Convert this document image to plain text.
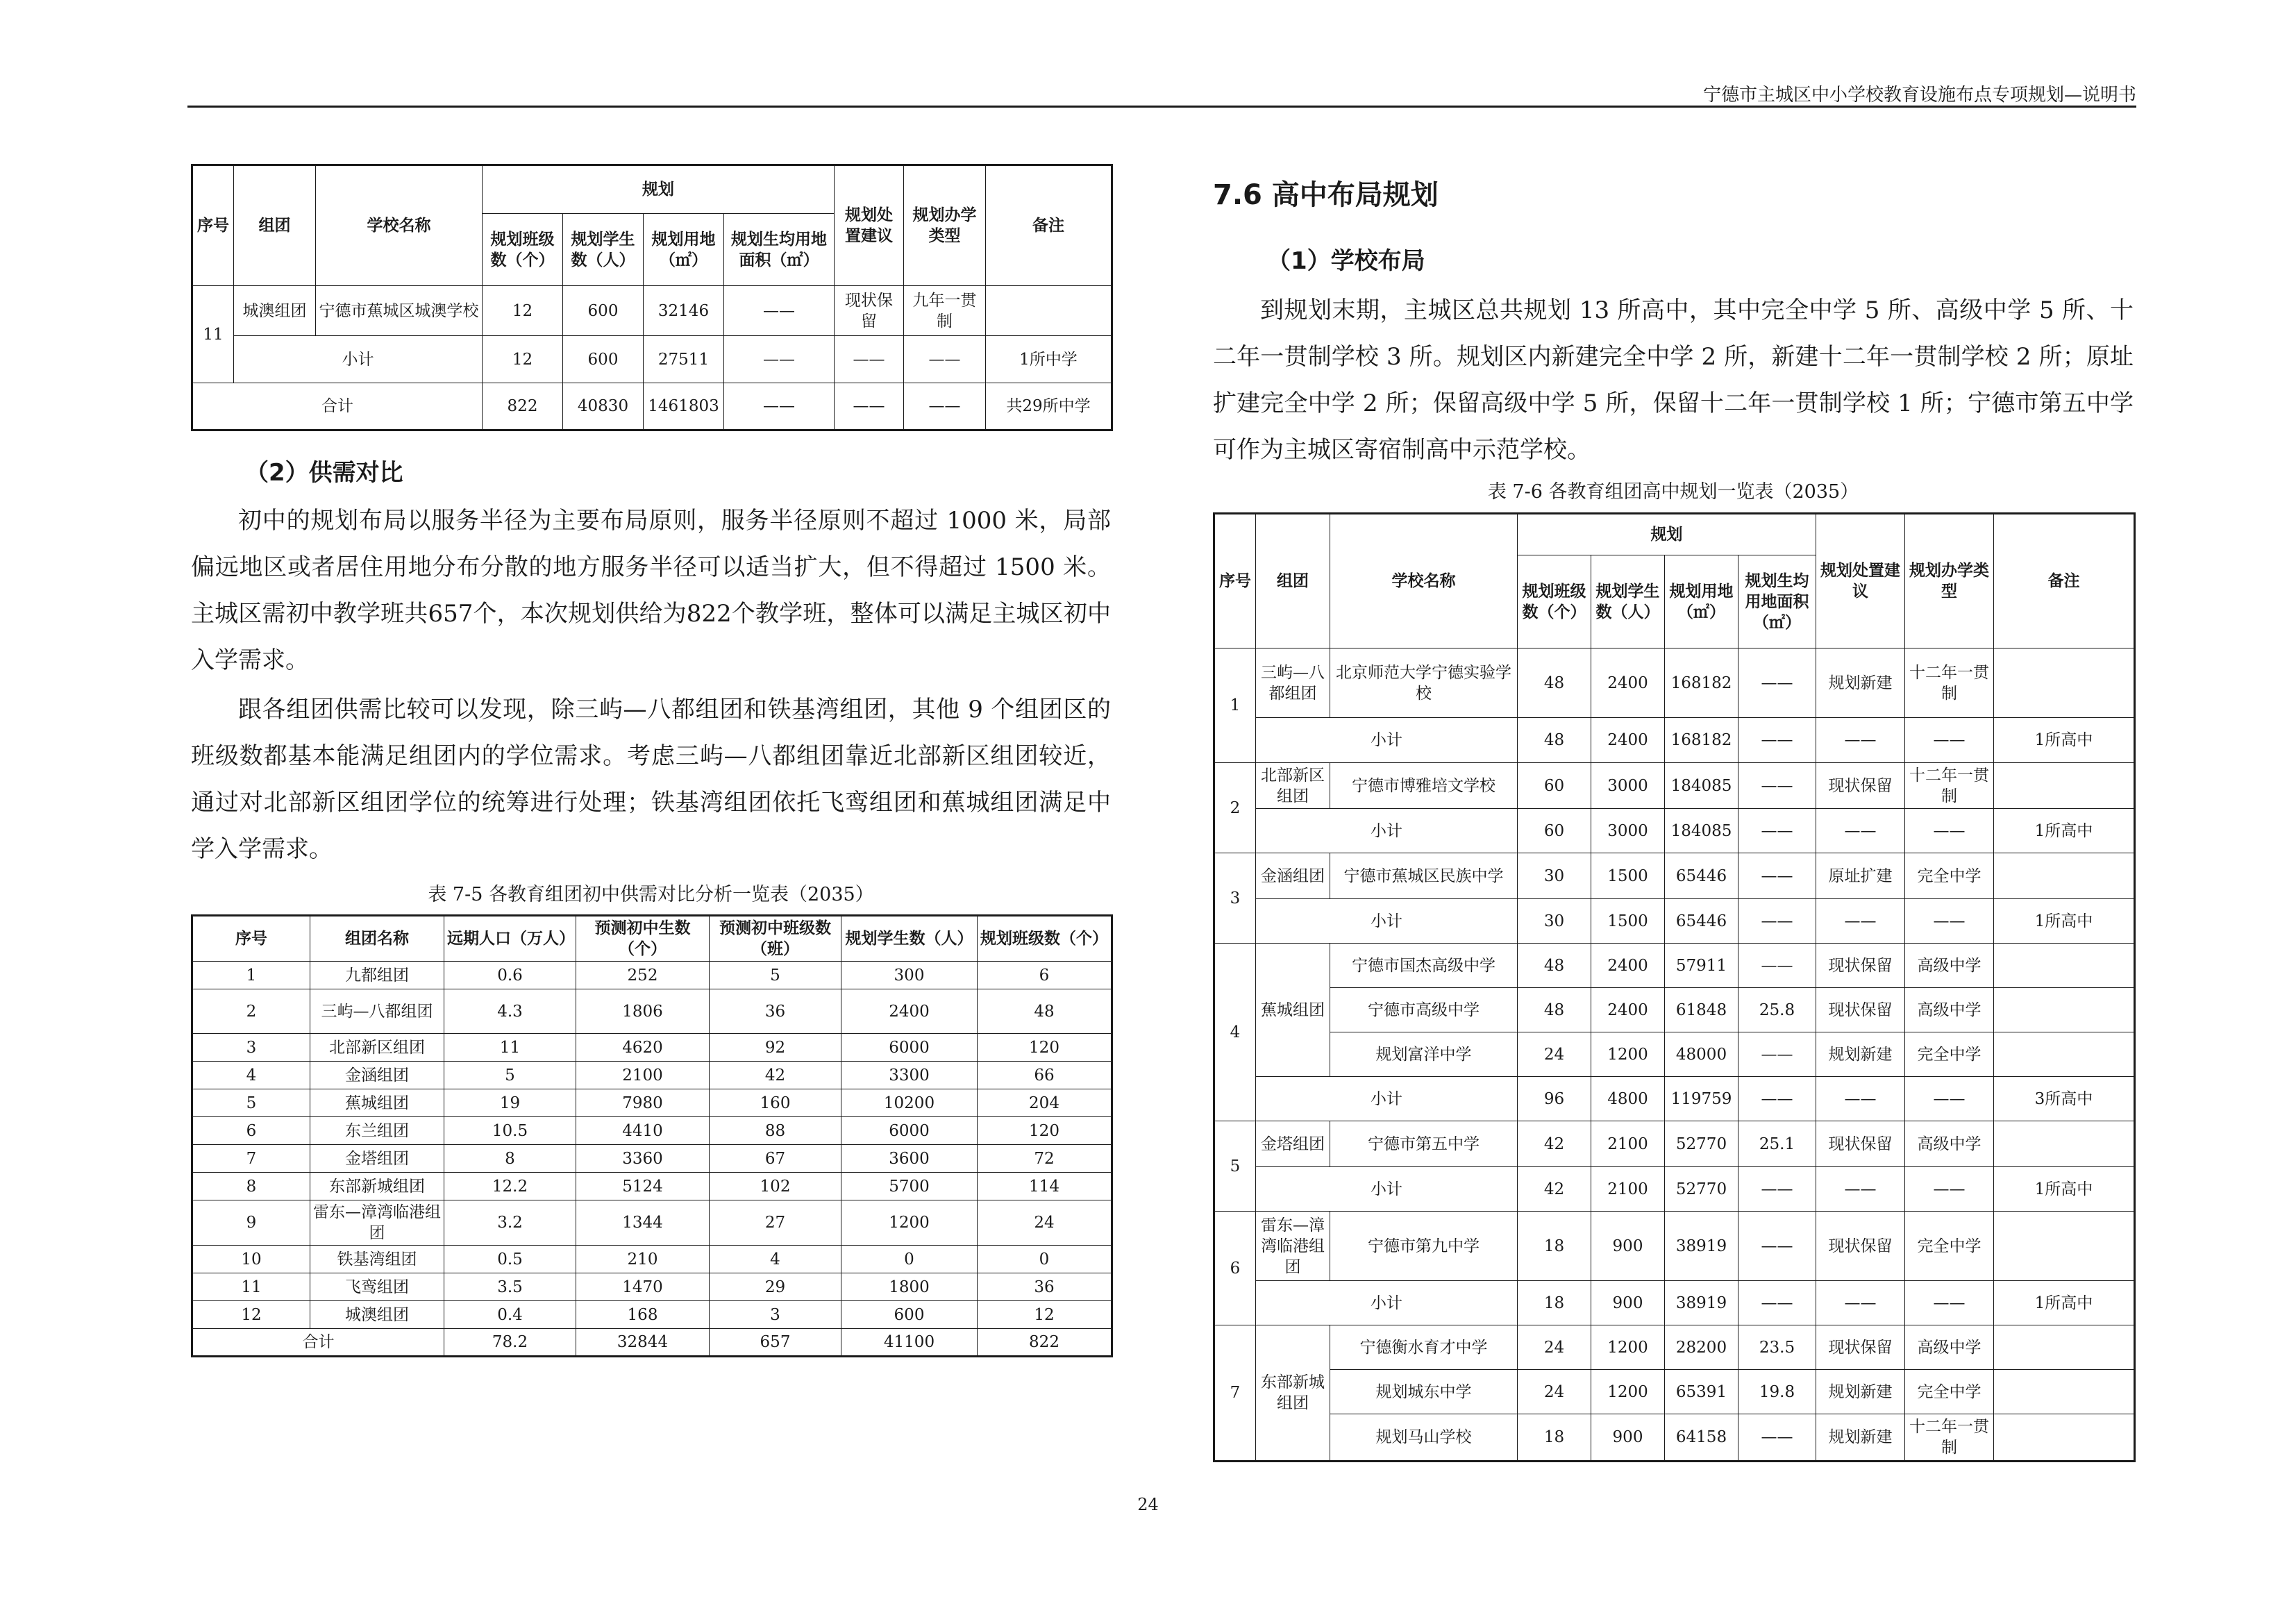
宁德市主城区中小学校教育设施布点专项规划—说明书
序号	组团	学校名称	规划				规划处置建议	规划办学类型	备注
			规划班级数（个）	规划学生数（人）	规划用地（㎡）	规划生均用地面积（㎡）			
11	城澳组团	宁德市蕉城区城澳学校	12	600	32146	——	现状保留	九年一贯制	
	小计		12	600	27511	——	——	——	1所中学
合计			822	40830	1461803	——	——	——	共29所中学
（2）供需对比

初中的规划布局以服务半径为主要布局原则，服务半径原则不超过 1000 米，局部偏远地区或者居住用地分布分散的地方服务半径可以适当扩大，但不得超过 1500 米。主城区需初中教学班共657个，本次规划供给为822个教学班，整体可以满足主城区初中入学需求。

跟各组团供需比较可以发现，除三屿—八都组团和铁基湾组团，其他 9 个组团区的班级数都基本能满足组团内的学位需求。考虑三屿—八都组团靠近北部新区组团较近，通过对北部新区组团学位的统筹进行处理；铁基湾组团依托飞鸾组团和蕉城组团满足中学入学需求。

表 7-5 各教育组团初中供需对比分析一览表（2035）
序号	组团名称	远期人口（万人）	预测初中生数（个）	预测初中班级数（班）	规划学生数（人）	规划班级数（个）
1	九都组团	0.6	252	5	300	6
2	三屿—八都组团	4.3	1806	36	2400	48
3	北部新区组团	11	4620	92	6000	120
4	金涵组团	5	2100	42	3300	66
5	蕉城组团	19	7980	160	10200	204
6	东兰组团	10.5	4410	88	6000	120
7	金塔组团	8	3360	67	3600	72
8	东部新城组团	12.2	5124	102	5700	114
9	雷东—漳湾临港组团	3.2	1344	27	1200	24
10	铁基湾组团	0.5	210	4	0	0
11	飞鸾组团	3.5	1470	29	1800	36
12	城澳组团	0.4	168	3	600	12
合计		78.2	32844	657	41100	822
7.6 高中布局规划
（1）学校布局

到规划末期，主城区总共规划 13 所高中，其中完全中学 5 所、高级中学 5 所、十二年一贯制学校 3 所。规划区内新建完全中学 2 所，新建十二年一贯制学校 2 所；原址扩建完全中学 2 所；保留高级中学 5 所，保留十二年一贯制学校 1 所；宁德市第五中学可作为主城区寄宿制高中示范学校。

表 7-6 各教育组团高中规划一览表（2035）
序号	组团	学校名称	规划				规划处置建议	规划办学类型	备注
			规划班级数（个）	规划学生数（人）	规划用地（㎡）	规划生均用地面积（㎡）			
1	三屿—八都组团	北京师范大学宁德实验学校	48	2400	168182	——	规划新建	十二年一贯制	
	小计		48	2400	168182	——	——	——	1所高中
2	北部新区组团	宁德市博雅培文学校	60	3000	184085	——	现状保留	十二年一贯制	
	小计		60	3000	184085	——	——	——	1所高中
3	金涵组团	宁德市蕉城区民族中学	30	1500	65446	——	原址扩建	完全中学	
	小计		30	1500	65446	——	——	——	1所高中
4	蕉城组团	宁德市国杰高级中学	48	2400	57911	——	现状保留	高级中学	
		宁德市高级中学	48	2400	61848	25.8	现状保留	高级中学	
		规划富洋中学	24	1200	48000	——	规划新建	完全中学	
	小计		96	4800	119759	——	——	——	3所高中
5	金塔组团	宁德市第五中学	42	2100	52770	25.1	现状保留	高级中学	
	小计		42	2100	52770	——	——	——	1所高中
6	雷东—漳湾临港组团	宁德市第九中学	18	900	38919	——	现状保留	完全中学	
	小计		18	900	38919	——	——	——	1所高中
7	东部新城组团	宁德衡水育才中学	24	1200	28200	23.5	现状保留	高级中学	
		规划城东中学	24	1200	65391	19.8	规划新建	完全中学	
		规划马山学校	18	900	64158	——	规划新建	十二年一贯制	
24
